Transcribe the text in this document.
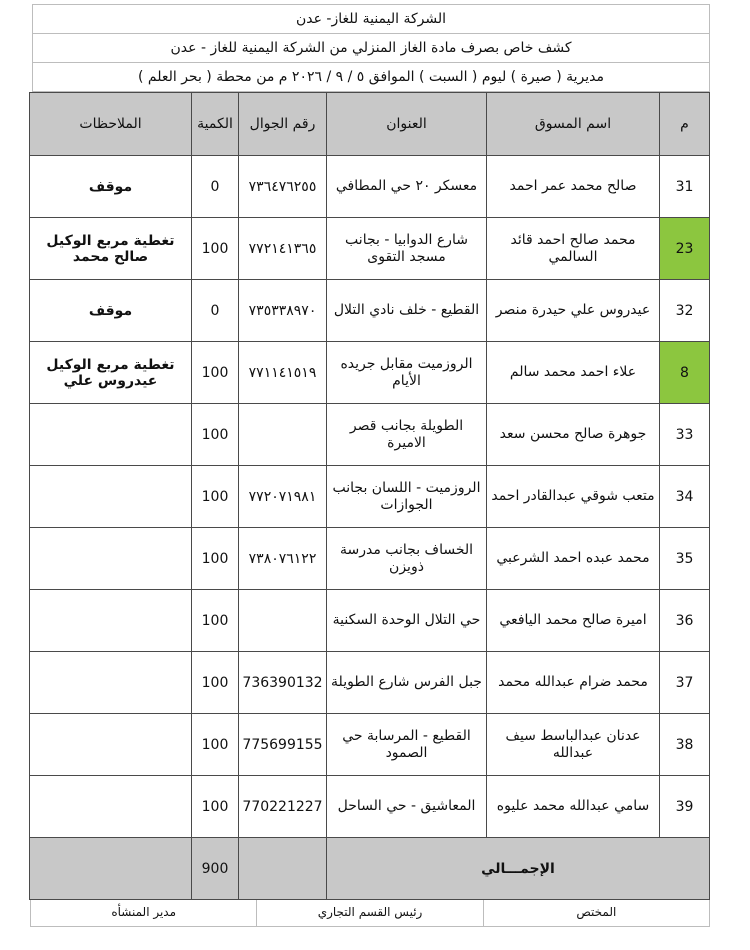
الشركة اليمنية للغاز- عدن
كشف خاص بصرف مادة الغاز المنزلي من الشركة اليمنية للغاز - عدن
مديرية ( صيرة ) ليوم ( السبت ) الموافق ٥ / ٩ / ٢٠٢٦ م من محطة ( بحر العلم )
م	اسم المسوق	العنوان	رقم الجوال	الكمية	الملاحظات
31	صالح محمد عمر احمد	معسكر ٢٠ حي المطافي	٧٣٦٤٧٦٢٥٥	0	موقف
23	محمد صالح احمد قائد السالمي	شارع الدوابيا - بجانب مسجد التقوى	٧٧٢١٤١٣٦٥	100	تغطية مربع الوكيل صالح محمد
32	عيدروس علي حيدرة منصر	القطيع - خلف نادي التلال	٧٣٥٣٣٨٩٧٠	0	موقف
8	علاء احمد محمد سالم	الروزميت مقابل جريده الأيام	٧٧١١٤١٥١٩	100	تغطية مربع الوكيل عيدروس علي
33	جوهرة صالح محسن سعد	الطويلة بجانب قصر الاميرة		100	
34	متعب شوقي عبدالقادر احمد	الروزميت - اللسان بجانب الجوازات	٧٧٢٠٧١٩٨١	100	
35	محمد عبده احمد الشرعبي	الخساف بجانب مدرسة ذويزن	٧٣٨٠٧٦١٢٢	100	
36	اميرة صالح محمد اليافعي	حي التلال الوحدة السكنية		100	
37	محمد ضرام عبدالله محمد	جبل الفرس شارع الطويلة	736390132	100	
38	عدنان عبدالباسط سيف عبدالله	القطيع - المرسابة حي الصمود	775699155	100	
39	سامي عبدالله محمد عليوه	المعاشيق - حي الساحل	770221227	100	
الإجمـــالي				900	
المختص
رئيس القسم التجاري
مدير المنشأه
